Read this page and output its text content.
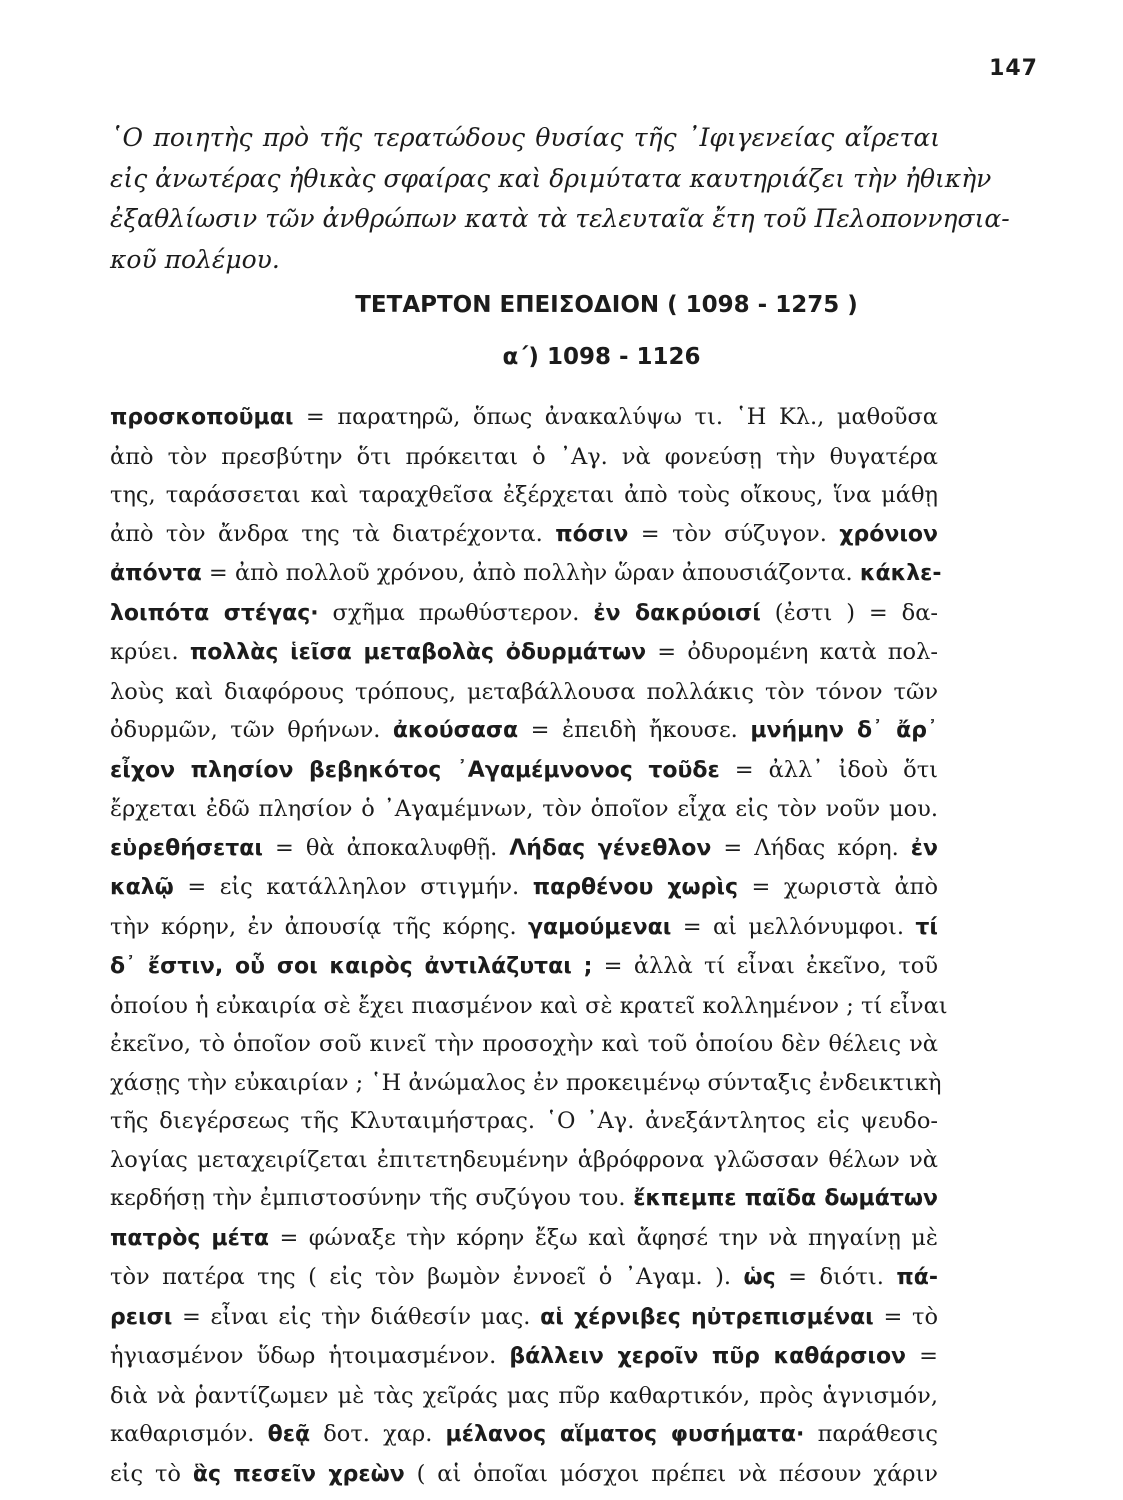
147
῾Ο ποιητὴς πρὸ τῆς τερατώδους θυσίας τῆς ᾿Ιφιγενείας αἴρεται
εἰς ἀνωτέρας ἠθικὰς σφαίρας καὶ δριμύτατα καυτηριάζει τὴν ἠθικὴν
ἐξαθλίωσιν τῶν ἀνθρώπων κατὰ τὰ τελευταῖα ἔτη τοῦ Πελοποννησια-
κοῦ πολέμου.
ΤΕΤΑΡΤΟΝ ΕΠΕΙΣΟΔΙΟΝ ( 1098 - 1275 )
α΄) 1098 - 1126
προσκοποῦμαι = παρατηρῶ, ὅπως ἀνακαλύψω τι. ῾Η Κλ., μαθοῦσα
ἀπὸ τὸν πρεσβύτην ὅτι πρόκειται ὁ ᾿Αγ. νὰ φονεύσῃ τὴν θυγατέρα
της, ταράσσεται καὶ ταραχθεῖσα ἐξέρχεται ἀπὸ τοὺς οἴκους, ἵνα μάθῃ
ἀπὸ τὸν ἄνδρα της τὰ διατρέχοντα. πόσιν = τὸν σύζυγον. χρόνιον
ἀπόντα = ἀπὸ πολλοῦ χρόνου, ἀπὸ πολλὴν ὥραν ἀπουσιάζοντα. κάκλε-
λοιπότα στέγας· σχῆμα πρωθύστερον. ἐν δακρύοισί (ἐστι ) = δα-
κρύει. πολλὰς ἱεῖσα μεταβολὰς ὀδυρμάτων = ὀδυρομένη κατὰ πολ-
λοὺς καὶ διαφόρους τρόπους, μεταβάλλουσα πολλάκις τὸν τόνον τῶν
ὀδυρμῶν, τῶν θρήνων. ἀκούσασα = ἐπειδὴ ἤκουσε. μνήμην δ᾿ ἄρ᾿
εἶχον πλησίον βεβηκότος ᾿Αγαμέμνονος τοῦδε = ἀλλ᾿ ἰδοὺ ὅτι
ἔρχεται ἐδῶ πλησίον ὁ ᾿Αγαμέμνων, τὸν ὁποῖον εἶχα εἰς τὸν νοῦν μου.
εὑρεθήσεται = θὰ ἀποκαλυφθῇ. Λήδας γένεθλον = Λήδας κόρη. ἐν
καλῷ = εἰς κατάλληλον στιγμήν. παρθένου χωρὶς = χωριστὰ ἀπὸ
τὴν κόρην, ἐν ἀπουσίᾳ τῆς κόρης. γαμούμεναι = αἱ μελλόνυμφοι. τί
δ᾿ ἔστιν, οὗ σοι καιρὸς ἀντιλάζυται ; = ἀλλὰ τί εἶναι ἐκεῖνο, τοῦ
ὁποίου ἡ εὐκαιρία σὲ ἔχει πιασμένον καὶ σὲ κρατεῖ κολλημένον ; τί εἶναι
ἐκεῖνο, τὸ ὁποῖον σοῦ κινεῖ τὴν προσοχὴν καὶ τοῦ ὁποίου δὲν θέλεις νὰ
χάσῃς τὴν εὐκαιρίαν ; ῾Η ἀνώμαλος ἐν προκειμένῳ σύνταξις ἐνδεικτικὴ
τῆς διεγέρσεως τῆς Κλυταιμήστρας. ῾Ο ᾿Αγ. ἀνεξάντλητος εἰς ψευδο-
λογίας μεταχειρίζεται ἐπιτετηδευμένην ἁβρόφρονα γλῶσσαν θέλων νὰ
κερδήσῃ τὴν ἐμπιστοσύνην τῆς συζύγου του. ἔκπεμπε παῖδα δωμάτων
πατρὸς μέτα = φώναξε τὴν κόρην ἔξω καὶ ἄφησέ την νὰ πηγαίνῃ μὲ
τὸν πατέρα της ( εἰς τὸν βωμὸν ἐννοεῖ ὁ ᾿Αγαμ. ). ὡς = διότι. πά-
ρεισι = εἶναι εἰς τὴν διάθεσίν μας. αἱ χέρνιβες ηὐτρεπισμέναι = τὸ
ἡγιασμένον ὕδωρ ἡτοιμασμένον. βάλλειν χεροῖν πῦρ καθάρσιον =
διὰ νὰ ῥαντίζωμεν μὲ τὰς χεῖράς μας πῦρ καθαρτικόν, πρὸς ἁγνισμόν,
καθαρισμόν. θεᾷ δοτ. χαρ. μέλανος αἵματος φυσήματα· παράθεσις
εἰς τὸ ἃς πεσεῖν χρεὼν ( αἱ ὁποῖαι μόσχοι πρέπει νὰ πέσουν χάριν
